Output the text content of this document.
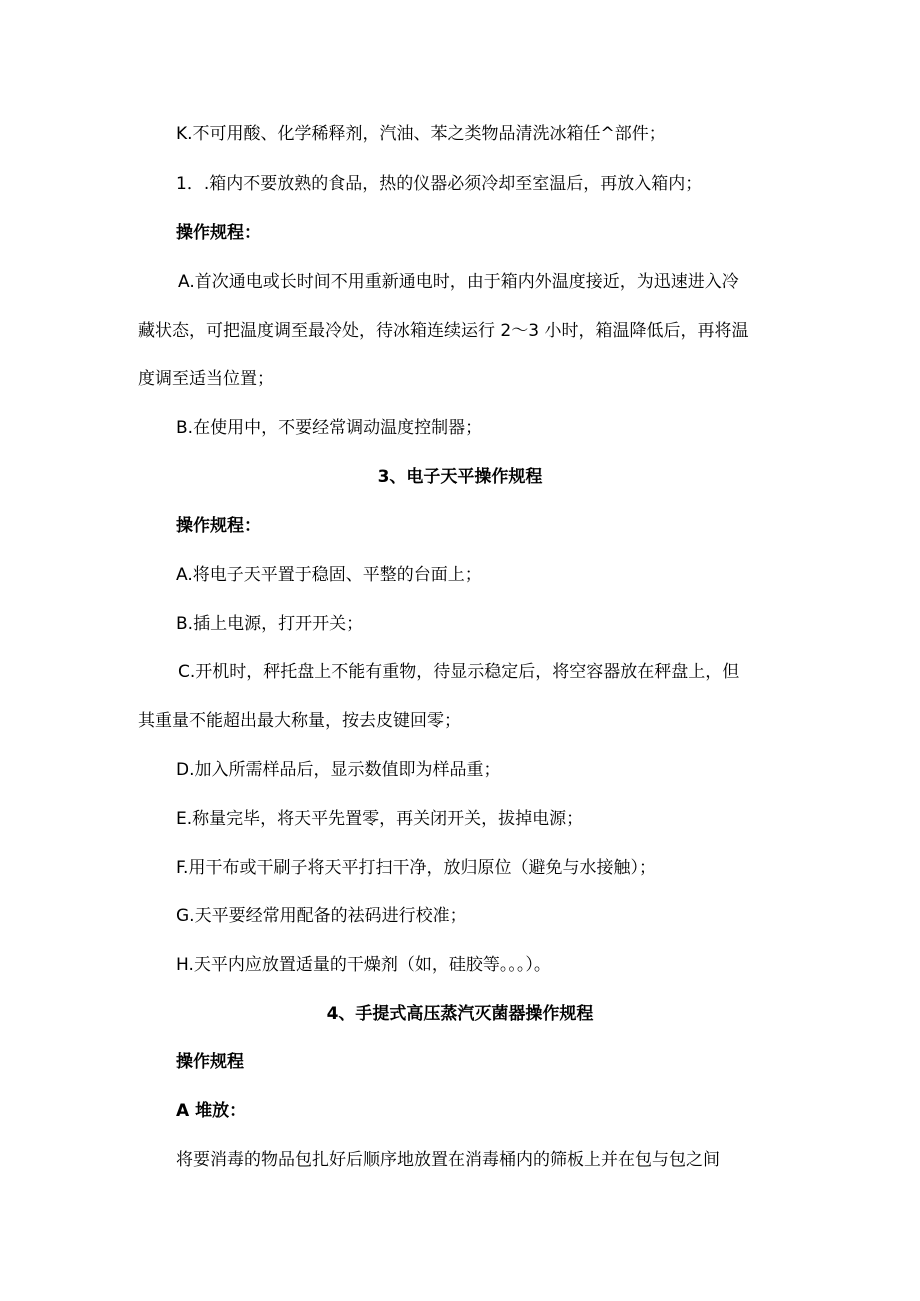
K.不可用酸、化学稀释剂，汽油、苯之类物品清洗冰箱任^部件；
1．.箱内不要放熟的食品，热的仪器必须冷却至室温后，再放入箱内；
操作规程：
A.首次通电或长时间不用重新通电时，由于箱内外温度接近，为迅速进入冷
藏状态，可把温度调至最冷处，待冰箱连续运行 2～3 小时，箱温降低后，再将温
度调至适当位置；
B.在使用中，不要经常调动温度控制器；
3、电子天平操作规程
操作规程：
A.将电子天平置于稳固、平整的台面上；
B.插上电源，打开开关；
C.开机时，秤托盘上不能有重物，待显示稳定后，将空容器放在秤盘上，但
其重量不能超出最大称量，按去皮键回零；
D.加入所需样品后，显示数值即为样品重；
E.称量完毕，将天平先置零，再关闭开关，拔掉电源；
F.用干布或干刷子将天平打扫干净，放归原位（避免与水接触）；
G.天平要经常用配备的祛码进行校准；
H.天平内应放置适量的干燥剂（如，硅胶等。。。）。
4、手提式高压蒸汽灭菌器操作规程
操作规程
A 堆放：
将要消毒的物品包扎好后顺序地放置在消毒桶内的筛板上并在包与包之间
